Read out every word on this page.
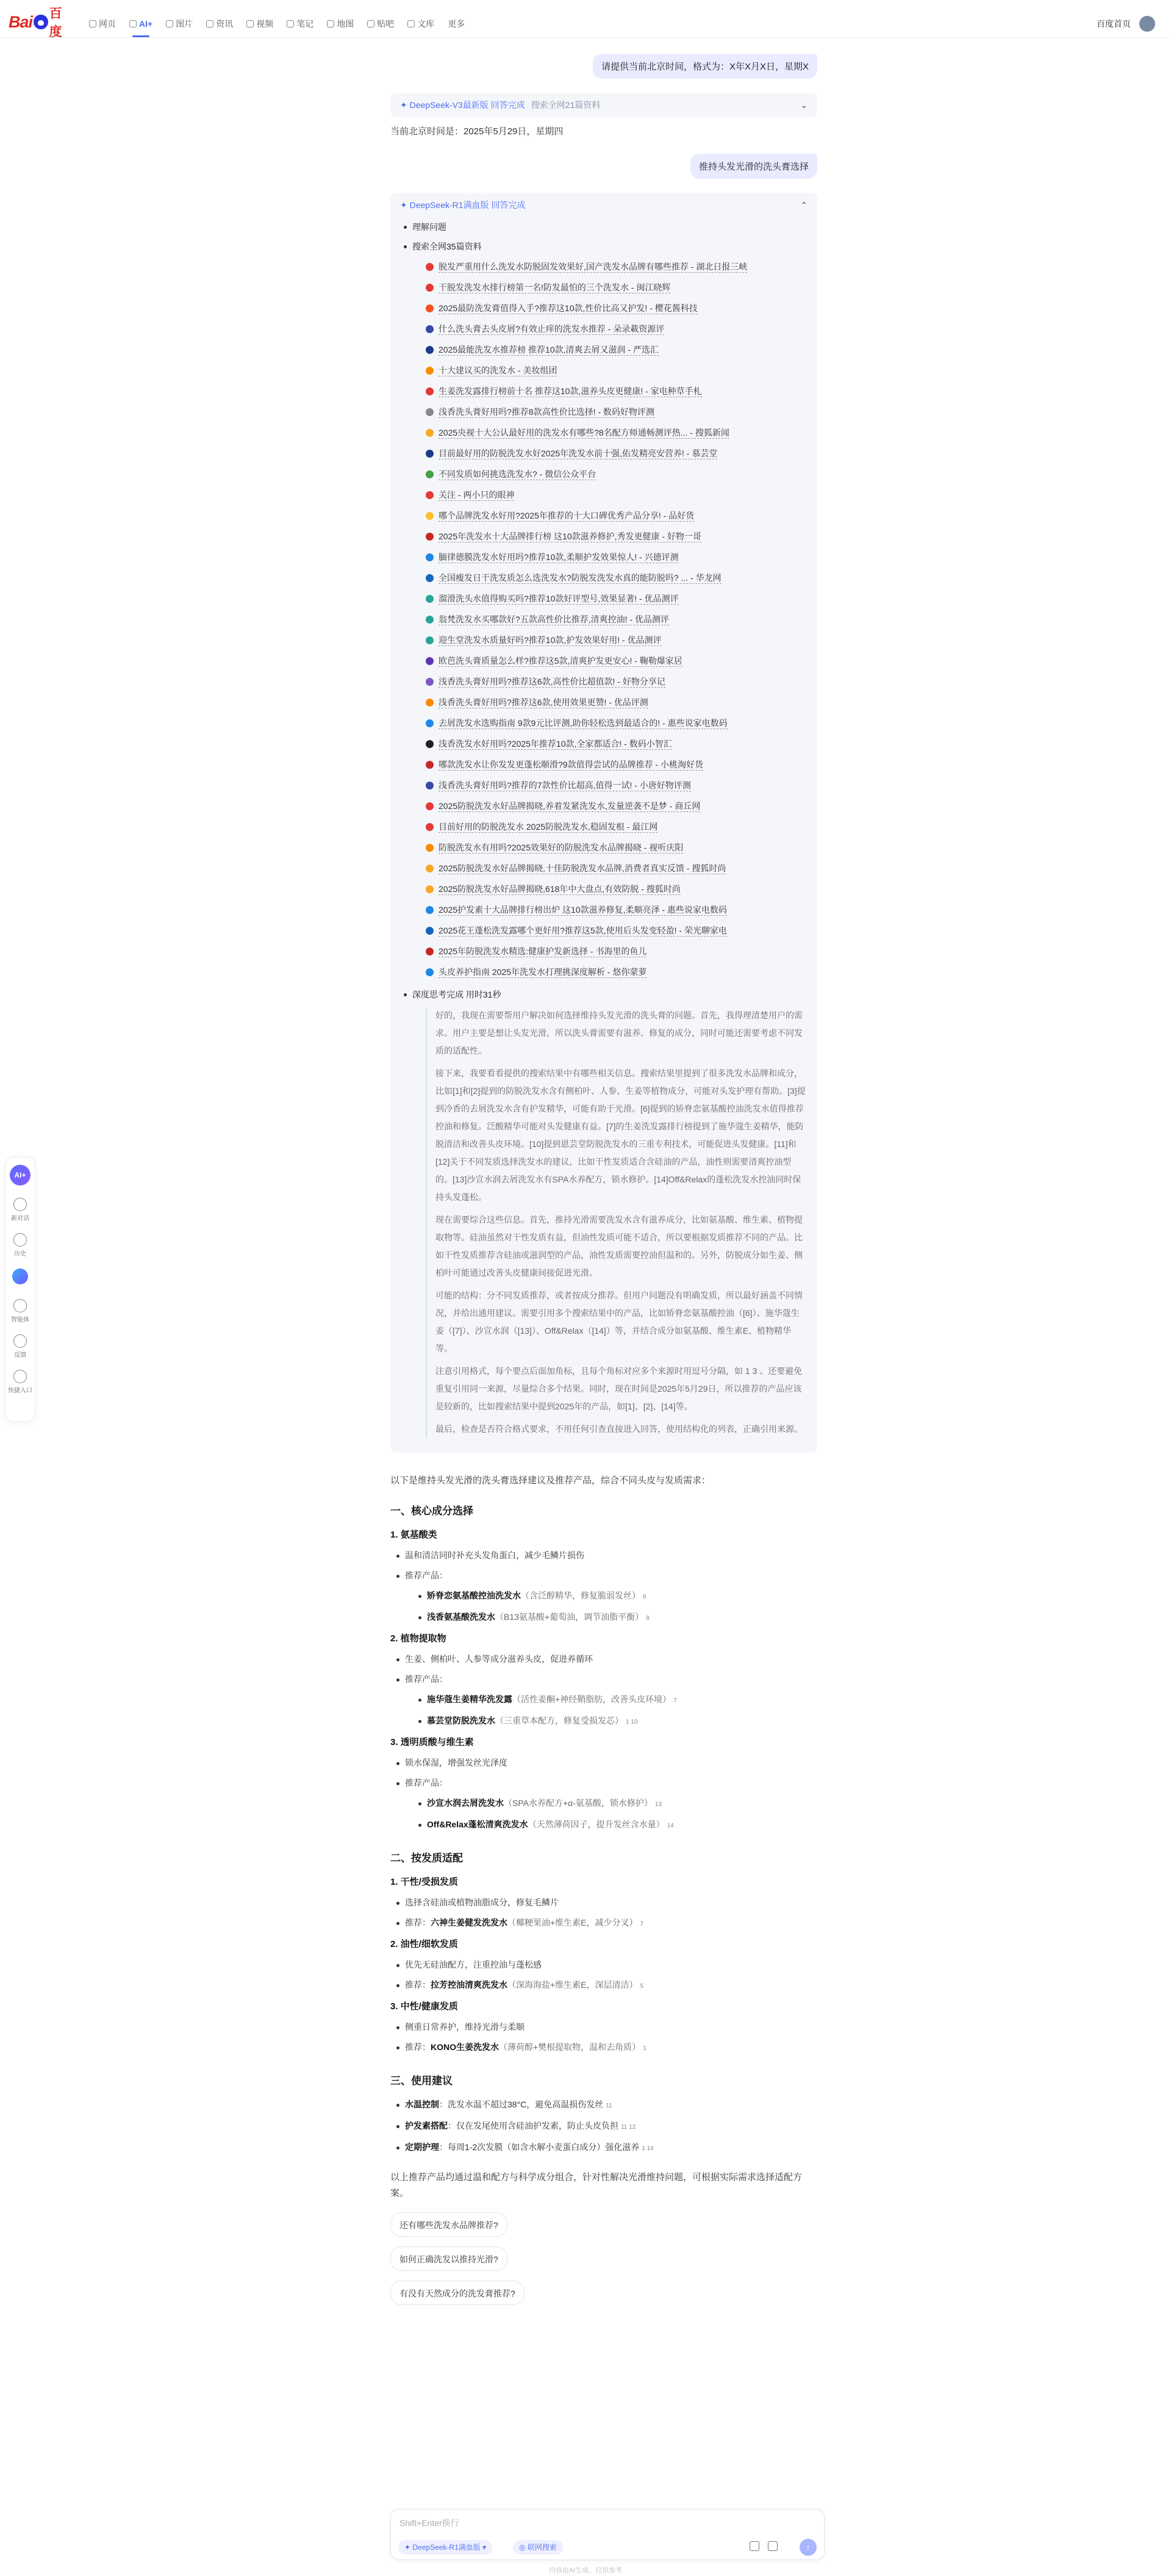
Bai 百度
网页	AI+	图片	资讯	视频	笔记	地图	贴吧	文库 更多	百度首页
AI+
新对话
历史
智能体
反馈
快捷入口
请提供当前北京时间，格式为：X年X月X日，星期X
✦ DeepSeek-V3最新版 回答完成 搜索全网21篇资料	⌄
当前北京时间是：2025年5月29日，星期四
推持头发光滑的洗头膏选择
✦ DeepSeek-R1满血版 回答完成	⌃
理解问题
搜索全网35篇资料
脱发严重用什么洗发水防脱固发效果好,国产洗发水品牌有哪些推荐 - 湖北日报三峡
干脱发洗发水排行榜第一名!防发最怕的三个洗发水 - 闽江晓辉
2025最防洗发膏值得入手?推荐这10款,性价比高又护发! - 樱花酱科技
什么洗头膏去头皮屑?有效止痒的洗发水推荐 - 朵录載资源评
2025最能洗发水推荐榜 推荐10款,清爽去屑又滋润 - 严选汇
十大建议买的洗发水 - 美妆组团
生姜洗发露排行榜前十名 推荐这10款,滋养头皮更健康! - 家电种草手札
浅香洗头膏好用吗?推荐8款高性价比选择! - 数码好物评测
2025央视十大公认最好用的洗发水有哪些?8名配方师通畅测评热... - 搜狐新闻
目前最好用的防脱洗发水好2025年洗发水前十强,佑发精亮安营养! - 慕芸堂
不同发质如何挑选洗发水? - 微信公众平台
关注 - 两小只的眼神
哪个品牌洗发水好用?2025年推荐的十大口碑优秀产品分享! - 品好货
2025年洗发水十大品牌排行榜 这10款滋养修护,秀发更健康 - 好物一哥
腼律德膜洗发水好用吗?推荐10款,柔顺护发效果惊人! - 兴德评测
全国瘦发日干洗发质怎么选洗发水?防脱发洗发水真的能防脱吗? ... - 华龙网
溜滑洗头水值得购买吗?推荐10款好评型号,效果显著! - 优品测评
翁梵洗发水买哪款好?五款高性价比推荐,清爽控油! - 优品测评
迎生堂洗发水质量好吗?推荐10款,护发效果好用! - 优品测评
欧芭洗头膏质量怎么样?推荐这5款,清爽护发更安心! - 鞠勒爆家居
浅香洗头膏好用吗?推荐这6款,高性价比超值款! - 好物分享记
浅香洗头膏好用吗?推荐这6款,使用效果更赞! - 优品评测
去屑洗发水选购指南 9款9元比评测,助你轻松选到最适合的! - 惠些说家电数码
浅香洗发水好用吗?2025年推荐10款,全家都适合! - 数码小智汇
哪款洗发水让你发发更蓬松顺滑?9款值得尝试的品牌推荐 - 小桃淘好货
浅香洗头膏好用吗?推荐的7款性价比超高,值得一试! - 小唐好物评测
2025防脱洗发水好品牌揭晓,养着发紧洗发水,发量逆袭不是梦 - 商丘网
目前好用的防脱洗发水 2025防脱洗发水,稳固发根 - 最江网
防脱洗发水有用吗?2025效果好的防脱洗发水品牌揭晓 - 视听庆阳
2025防脱洗发水好品牌揭晓,十佳防脱洗发水品牌,消费者真实反馈 - 搜狐时尚
2025防脱洗发水好品牌揭晓,618年中大盘点,有效防脱 - 搜狐时尚
2025护发素十大品牌排行榜出炉 这10款滋养修复,柔顺亮泽 - 惠些说家电数码
2025花王蓬松洗发露哪个更好用?推荐这5款,使用后头发变轻盈! - 荣光聊家电
2025年防脱洗发水精选:健康护发新选择 - 书海里的鱼儿
头皮养护指南 2025年洗发水打理挑深度解析 - 悠你蒙萝
深度思考完成 用时31秒

好的，我现在需要帮用户解决如何选择维持头发光滑的洗头膏的问题。首先，我得理清楚用户的需求。用户主要是想让头发光滑，所以洗头膏需要有滋养、修复的成分，同时可能还需要考虑不同发质的适配性。

接下来，我要看看提供的搜索结果中有哪些相关信息。搜索结果里提到了很多洗发水品牌和成分，比如[1]和[2]提到的防脱洗发水含有侧柏叶、人参、生姜等植物成分，可能对头发护理有帮助。[3]提到冷香的去屑洗发水含有护发精华，可能有助于光滑。[6]提到的矫脊恋氨基酸控油洗发水值得推荐控油和修复。泛酸精华可能对头发健康有益。[7]的生姜洗发露排行榜提到了施华蔻生姜精华，能防脱清洁和改善头皮环境。[10]提到恩芸堂防脱洗发水的三重专利技术，可能促进头发健康。[11]和[12]关于不同发质选择洗发水的建议，比如干性发质适合含硅油的产品，油性则需要清爽控油型的。[13]沙宣水润去屑洗发水有SPA水养配方，锁水修护。[14]Off&Relax的蓬松洗发水控油同时保持头发蓬松。

现在需要综合这些信息。首先，推持光滑需要洗发水含有滋养成分，比如氨基酸、维生素、植物提取物等。硅油虽然对干性发质有益，但油性发质可能不适合，所以要根据发质推荐不同的产品。比如干性发质推荐含硅油或滋润型的产品，油性发质需要控油但温和的。另外，防脱成分如生姜、侧柏叶可能通过改善头皮健康间接促进光滑。

可能的结构：分不同发质推荐，或者按成分推荐。但用户问题没有明确发质，所以最好涵盖不同情况，并给出通用建议。需要引用多个搜索结果中的产品，比如矫脊恋氨基酸控油（[6]）、施华蔻生姜（[7]）、沙宣水润（[13]）、Off&Relax（[14]）等，并结合成分如氨基酸、维生素E、植物精华等。

注意引用格式，每个要点后面加角标，且每个角标对应多个来源时用逗号分隔，如 1 3 。还要避免重复引用同一来源，尽量综合多个结果。同时，现在时间是2025年5月29日，所以推荐的产品应该是较新的，比如搜索结果中提到2025年的产品，如[1]、[2]、[14]等。

最后，检查是否符合格式要求，不用任何引查直接进入回答，使用结构化的列表，正确引用来源。

以下是维持头发光滑的洗头膏选择建议及推荐产品，综合不同头皮与发质需求：
一、核心成分选择
1. 氨基酸类
温和清洁同时补充头发角蛋白，减少毛鳞片损伤
推荐产品：
矫脊恋氨基酸控油洗发水（含泛醇精华，修复脆弱发丝） 6
浅香氨基酸洗发水（B13氨基酸+葡萄油，调节油脂平衡） 8
2. 植物提取物
生姜、侧柏叶、人参等成分滋养头皮，促进养循环
推荐产品：
施华蔻生姜精华洗发露（活性姜酮+神经鞘脂肪，改善头皮环境） 7
慕芸堂防脱洗发水（三重草本配方，修复受损发芯） 1 10
3. 透明质酸与维生素
锁水保湿，增强发丝光泽度
推荐产品：
沙宣水润去屑洗发水（SPA水养配方+α-氨基酸，锁水修护） 13
Off&Relax蓬松清爽洗发水（天然薄荷因子，提升发丝含水量） 14
二、按发质适配
1. 干性/受损发质
选择含硅油或植物油脂成分，修复毛鳞片
推荐：六神生姜健发洗发水（椰粳果油+维生素E，减少分叉） 7
2. 油性/细软发质
优先无硅油配方，注重控油与蓬松感
推荐：拉芳控油清爽洗发水（深海海盐+维生素E，深层清洁） 5
3. 中性/健康发质
侧重日常养护，维持光滑与柔顺
推荐：KONO生姜洗发水（薄荷醇+樊根提取物，温和去角质） 1
三、使用建议
水温控制：洗发水温不超过38°C，避免高温损伤发丝 11
护发素搭配：仅在发尾使用含硅油护发素，防止头皮负担 11 12
定期护理：每周1-2次发膜（如含水解小麦蛋白成分）强化滋养 1 14
以上推荐产品均通过温和配方与科学成分组合，针对性解决光滑维持问题，可根据实际需求选择适配方案。
还有哪些洗发水品牌推荐?
如何正确洗发以推持光滑?
有没有天然成分的洗发膏推荐?
Shift+Enter换行
✦ DeepSeek-R1满血版 ▾	◎ 联网搜索	↑
内容由AI生成，仅供参考
